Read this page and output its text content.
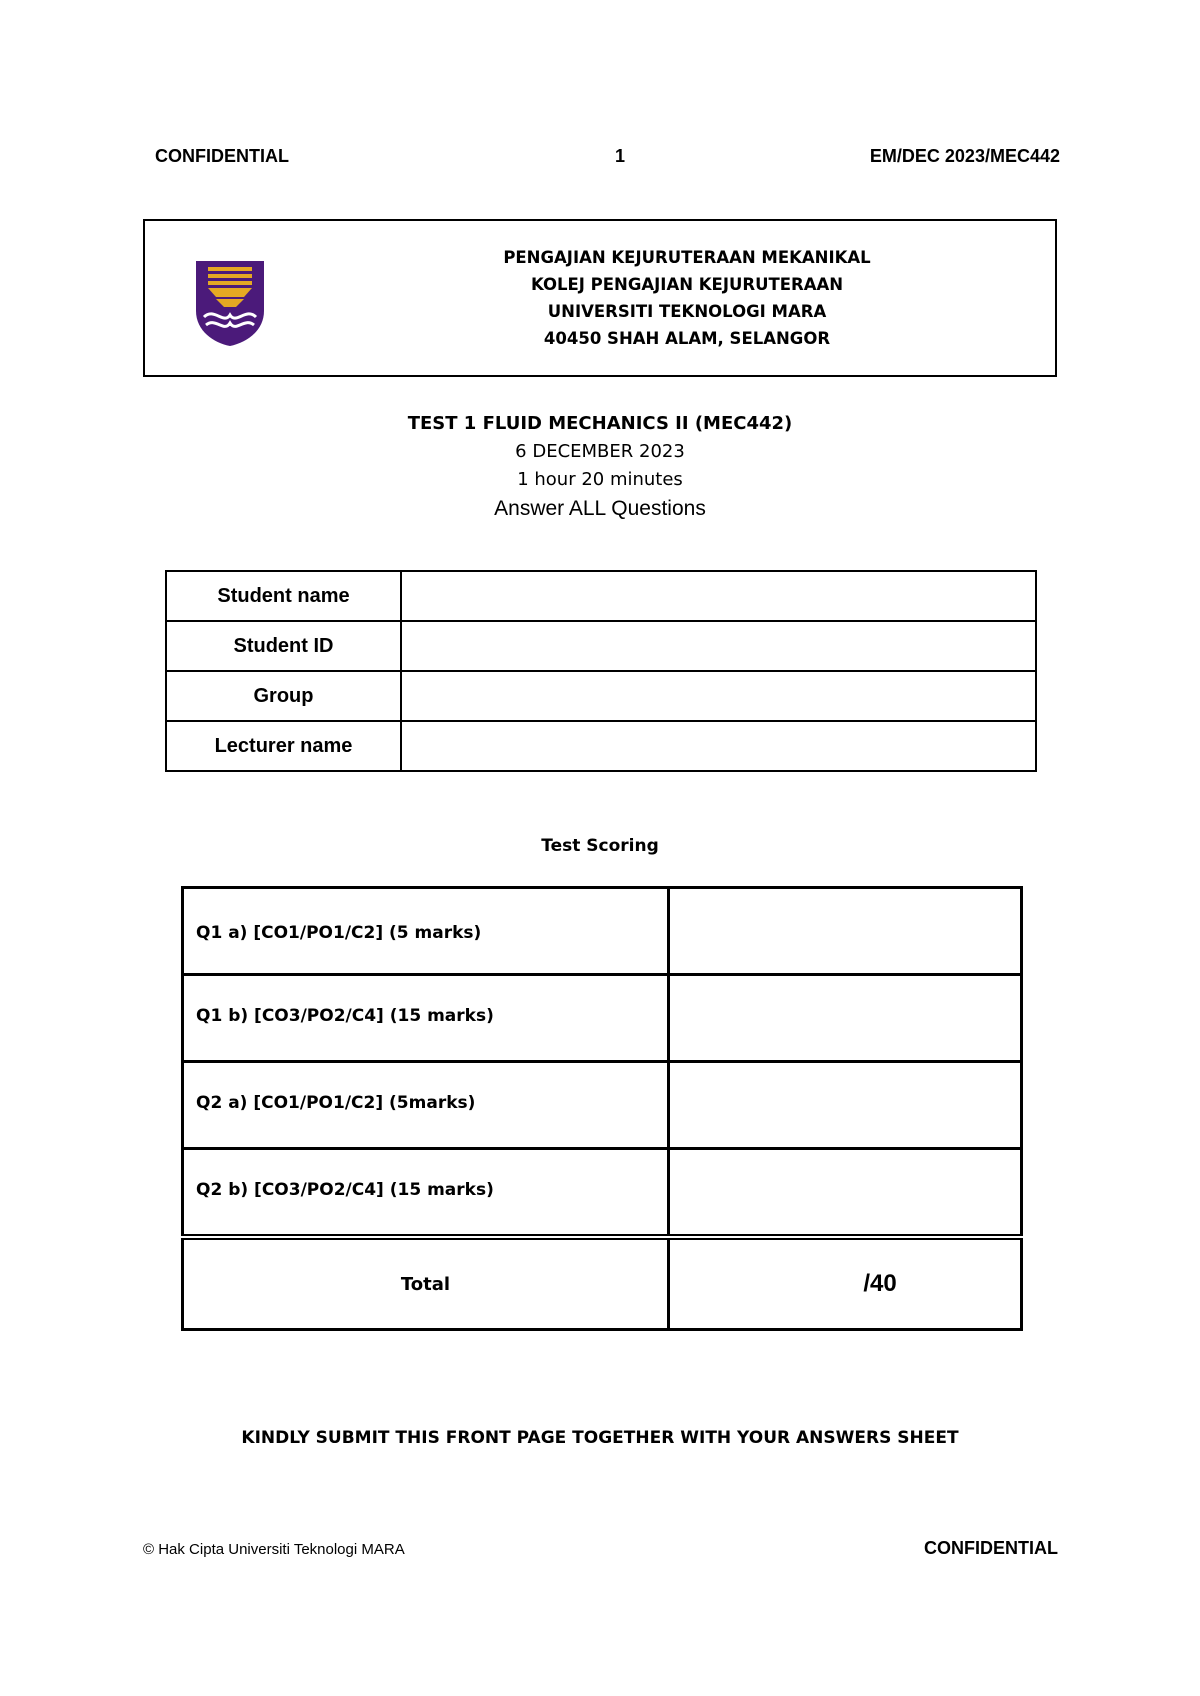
CONFIDENTIAL	1	EM/DEC 2023/MEC442
PENGAJIAN KEJURUTERAAN MEKANIKAL
KOLEJ PENGAJIAN KEJURUTERAAN
UNIVERSITI TEKNOLOGI MARA
40450 SHAH ALAM, SELANGOR
TEST 1 FLUID MECHANICS II (MEC442)
6 DECEMBER 2023
1 hour 20 minutes
Answer ALL Questions
Student name	
Student ID	
Group	
Lecturer name	
Test Scoring
Q1 a) [CO1/PO1/C2] (5 marks)	
Q1 b) [CO3/PO2/C4] (15 marks)	
Q2 a) [CO1/PO1/C2] (5marks)	
Q2 b) [CO3/PO2/C4] (15 marks)	
Total	/40
KINDLY SUBMIT THIS FRONT PAGE TOGETHER WITH YOUR ANSWERS SHEET
© Hak Cipta Universiti Teknologi MARA	CONFIDENTIAL
